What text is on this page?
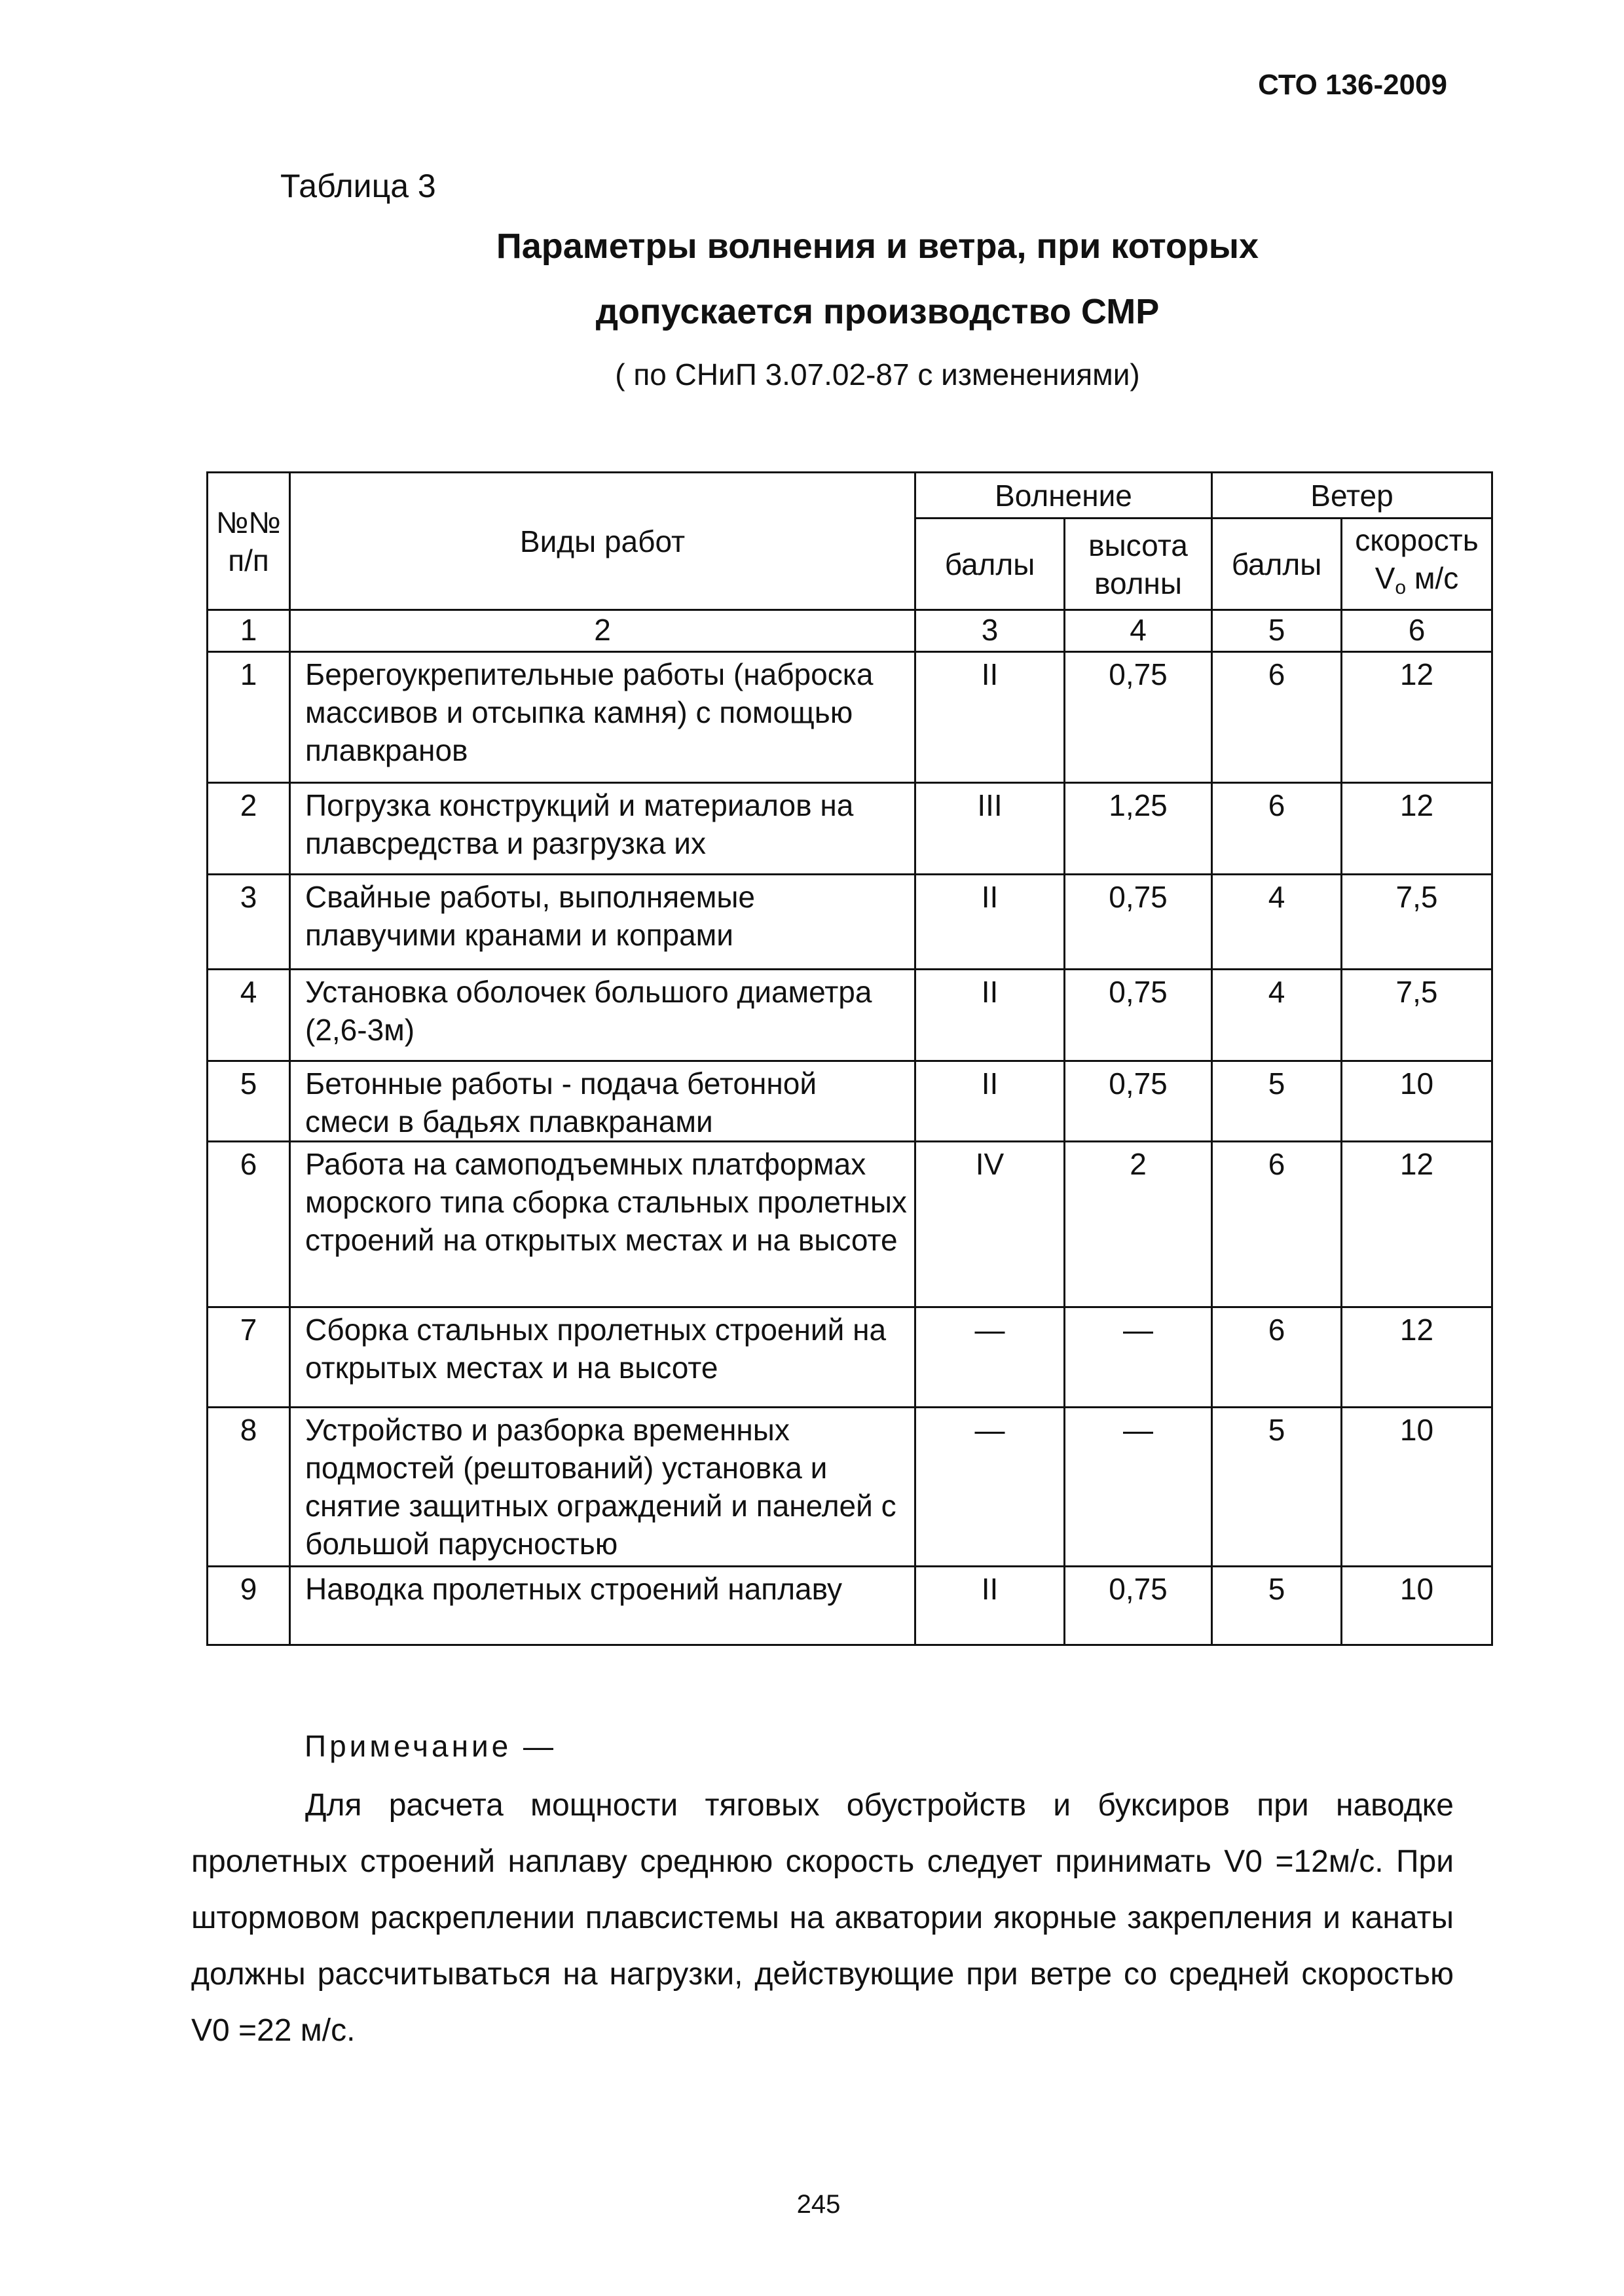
СТО 136-2009
Таблица 3
Параметры волнения и ветра, при которых
допускается производство СМР
( по СНиП 3.07.02-87 с изменениями)
№№ п/п	Виды работ	Волнение		Ветер	
		баллы	высота волны	баллы	скорость
$V_o$ м/с
1	2	3	4	5	6
1	Берегоукрепительные работы (наброска массивов и отсыпка камня) с помощью плавкранов	II	0,75	6	12
2	Погрузка конструкций и материалов на плавсредства и разгрузка их	III	1,25	6	12
3	Свайные работы, выполняемые плавучими кранами и копрами	II	0,75	4	7,5
4	Установка оболочек большого диаметра (2,6-3м)	II	0,75	4	7,5
5	Бетонные работы - подача бетонной смеси в бадьях плавкранами	II	0,75	5	10
6	Работа на самоподъемных платформах морского типа сборка стальных пролетных строений на открытых местах и на высоте	IV	2	6	12
7	Сборка стальных пролетных строений на открытых местах и на высоте	—	—	6	12
8	Устройство и разборка временных подмостей (рештований) установка и снятие защитных ограждений и панелей с большой парусностью	—	—	5	10
9	Наводка пролетных строений наплаву	II	0,75	5	10
Примечание —
Для расчета мощности тяговых обустройств и буксиров при наводке пролетных строений наплаву среднюю скорость следует принимать V0 =12м/с. При штормовом раскреплении плавсистемы на акватории якорные закрепления и канаты должны рассчитываться на нагрузки, действующие при ветре со средней скоростью V0 =22 м/с.
245
